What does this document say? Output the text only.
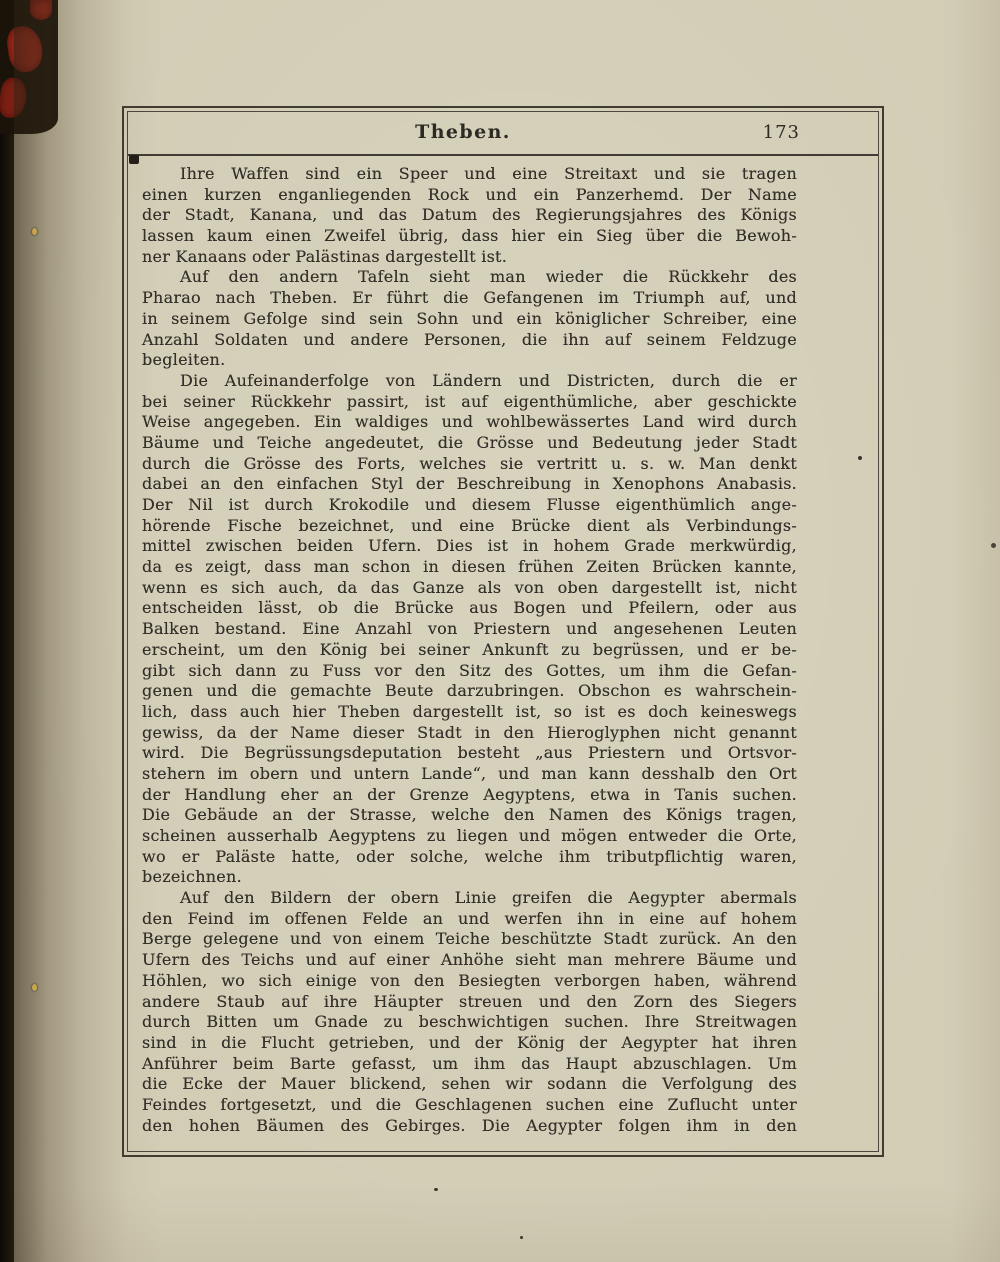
Theben.	173
Ihre Waffen sind ein Speer und eine Streitaxt und sie tragen
einen kurzen enganliegenden Rock und ein Panzerhemd. Der Name
der Stadt, Kanana, und das Datum des Regierungsjahres des Königs
lassen kaum einen Zweifel übrig, dass hier ein Sieg über die Bewoh-
ner Kanaans oder Palästinas dargestellt ist.
Auf den andern Tafeln sieht man wieder die Rückkehr des
Pharao nach Theben. Er führt die Gefangenen im Triumph auf, und
in seinem Gefolge sind sein Sohn und ein königlicher Schreiber, eine
Anzahl Soldaten und andere Personen, die ihn auf seinem Feldzuge
begleiten.
Die Aufeinanderfolge von Ländern und Districten, durch die er
bei seiner Rückkehr passirt, ist auf eigenthümliche, aber geschickte
Weise angegeben. Ein waldiges und wohlbewässertes Land wird durch
Bäume und Teiche angedeutet, die Grösse und Bedeutung jeder Stadt
durch die Grösse des Forts, welches sie vertritt u. s. w. Man denkt
dabei an den einfachen Styl der Beschreibung in Xenophons Anabasis.
Der Nil ist durch Krokodile und diesem Flusse eigenthümlich ange-
hörende Fische bezeichnet, und eine Brücke dient als Verbindungs-
mittel zwischen beiden Ufern. Dies ist in hohem Grade merkwürdig,
da es zeigt, dass man schon in diesen frühen Zeiten Brücken kannte,
wenn es sich auch, da das Ganze als von oben dargestellt ist, nicht
entscheiden lässt, ob die Brücke aus Bogen und Pfeilern, oder aus
Balken bestand. Eine Anzahl von Priestern und angesehenen Leuten
erscheint, um den König bei seiner Ankunft zu begrüssen, und er be-
gibt sich dann zu Fuss vor den Sitz des Gottes, um ihm die Gefan-
genen und die gemachte Beute darzubringen. Obschon es wahrschein-
lich, dass auch hier Theben dargestellt ist, so ist es doch keineswegs
gewiss, da der Name dieser Stadt in den Hieroglyphen nicht genannt
wird. Die Begrüssungsdeputation besteht „aus Priestern und Ortsvor-
stehern im obern und untern Lande“, und man kann desshalb den Ort
der Handlung eher an der Grenze Aegyptens, etwa in Tanis suchen.
Die Gebäude an der Strasse, welche den Namen des Königs tragen,
scheinen ausserhalb Aegyptens zu liegen und mögen entweder die Orte,
wo er Paläste hatte, oder solche, welche ihm tributpflichtig waren,
bezeichnen.
Auf den Bildern der obern Linie greifen die Aegypter abermals
den Feind im offenen Felde an und werfen ihn in eine auf hohem
Berge gelegene und von einem Teiche beschützte Stadt zurück. An den
Ufern des Teichs und auf einer Anhöhe sieht man mehrere Bäume und
Höhlen, wo sich einige von den Besiegten verborgen haben, während
andere Staub auf ihre Häupter streuen und den Zorn des Siegers
durch Bitten um Gnade zu beschwichtigen suchen. Ihre Streitwagen
sind in die Flucht getrieben, und der König der Aegypter hat ihren
Anführer beim Barte gefasst, um ihm das Haupt abzuschlagen. Um
die Ecke der Mauer blickend, sehen wir sodann die Verfolgung des
Feindes fortgesetzt, und die Geschlagenen suchen eine Zuflucht unter
den hohen Bäumen des Gebirges. Die Aegypter folgen ihm in den
